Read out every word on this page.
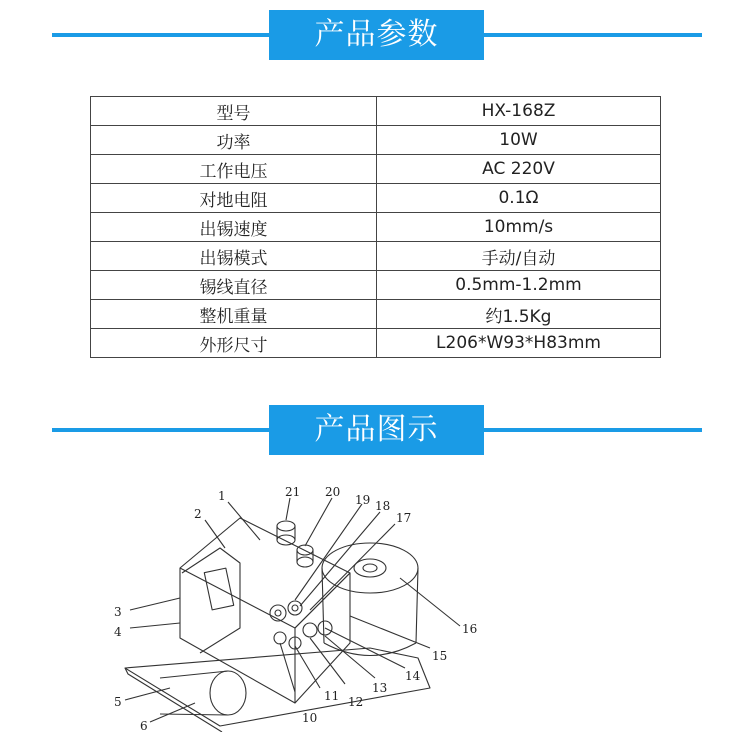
产品参数
型号	HX-168Z
功率	10W
工作电压	AC 220V
对地电阻	0.1Ω
出锡速度	10mm/s
出锡模式	手动/自动
锡线直径	0.5mm-1.2mm
整机重量	约1.5Kg
外形尺寸	L206*W93*H83mm
产品图示
1
2
3
4
5
6
10
11 12
13
14
15
16
17
18
19
20
21
